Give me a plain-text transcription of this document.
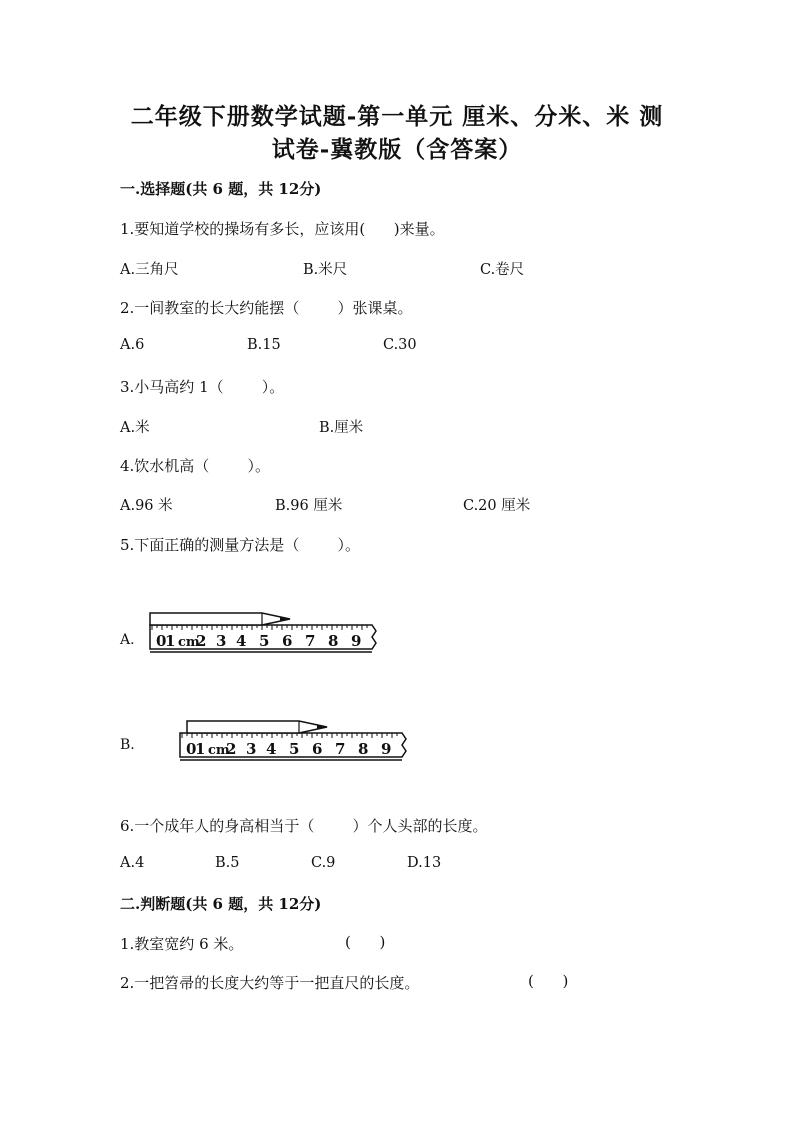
二年级下册数学试题-第一单元 厘米、分米、米 测
试卷-冀教版（含答案）
一.选择题(共 6 题，共 12分)
1.要知道学校的操场有多长，应该用(      )来量。
A.三角尺	B.米尺	C.卷尺
2.一间教室的长大约能摆（        ）张课桌。
A.6	B.15	C.30
3.小马高约 1（        ）。
A.米	B.厘米
4.饮水机高（        ）。
A.96 米	B.96 厘米	C.20 厘米
5.下面正确的测量方法是（        ）。
A. 0
1 cm
2 3 4 5 6 7 8 9
B.	0
1 cm
2 3 4 5 6 7 8 9
6.一个成年人的身高相当于（        ）个人头部的长度。
A.4	B.5	C.9	D.13
二.判断题(共 6 题，共 12分)
1.教室宽约 6 米。	(      )
2.一把笤帚的长度大约等于一把直尺的长度。	(      )
